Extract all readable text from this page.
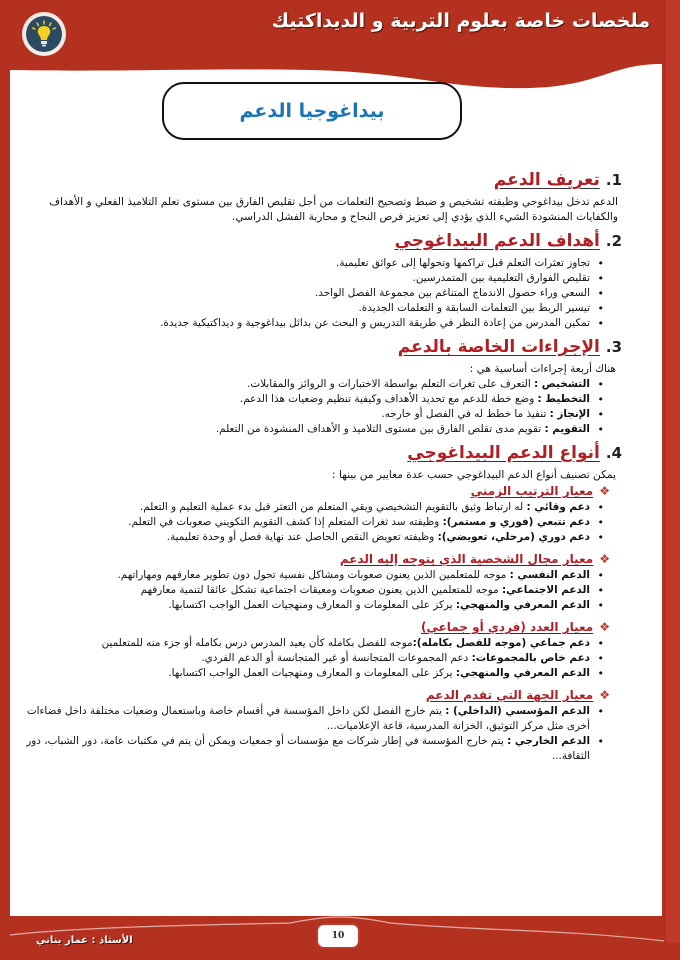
ملخصات خاصة بعلوم التربية و الديداكتيك
بيداغوجيا الدعم
1.
تعريف الدعم

الدعم تدخل بيداغوجي وظيفته تشخيص و ضبط وتصحيح التعلمات من أجل تقليص الفارق بين مستوى تعلم التلاميذ الفعلي و الأهداف والكفايات المنشودة الشيء الذي يؤدي إلى تعزيز فرص النجاح و محاربة الفشل الدراسي.

2.
أهداف الدعم البيداغوجي
• تجاوز تعثرات التعلم قبل تراكمها وتحولها إلى عوائق تعليمية.
• تقليص الفوارق التعليمية بين المتمدرسين.
• السعي وراء حصول الاندماج المتناغم بين مجموعة الفصل الواحد.
• تيسير الربط بين التعلمات السابقة و التعلمات الجديدة.
• تمكين المدرس من إعادة النظر في طريقة التدريس و البحث عن بدائل بيداغوجية و ديداكتيكية جديدة.
3.
الإجراءات الخاصة بالدعم

هناك أربعة إجراءات أساسية هي :

• التشخيص : التعرف على ثغرات التعلم بواسطة الاختبارات و الروائز والمقابلات.
• التخطيط : وضع خطة للدعم مع تحديد الأهداف وكيفية تنظيم وضعيات هذا الدعم.
• الإنجاز : تنفيذ ما خطط له في الفصل أو خارجه.
• التقويم : تقويم مدى تقلص الفارق بين مستوى التلاميذ و الأهداف المنشودة من التعلم.
4.
أنواع الدعم البيداغوجي

يمكن تصنيف أنواع الدعم البيداغوجي حسب عدة معايير من بينها :

❖
معيار الترتيب الزمني
• دعم وقائي : له ارتباط وثيق بالتقويم التشخيصي ويقي المتعلم من التعثر قبل بدء عملية التعليم و التعلم.
• دعم تتبعي (فوري و مستمر): وظيفته سد ثغرات المتعلم إذا كشف التقويم التكويني صعوبات في التعلم.
• دعم دوري (مرحلي، تعويضي): وظيفته تعويض النقص الحاصل عند نهاية فصل أو وحدة تعليمية.
❖
معيار مجال الشخصية الذي يتوجه إليه الدعم
• الدعم النفسي : موجه للمتعلمين الذين يعنون صعوبات ومشاكل نفسية تحول دون تطوير معارفهم ومهاراتهم.
• الدعم الاجتماعي: موجه للمتعلمين الذين يعنون صعوبات ومعيقات اجتماعية تشكل عائقا لتنمية معارفهم
• الدعم المعرفي والمنهجي: يركز على المعلومات و المعارف ومنهجيات العمل الواجب اكتسابها.
❖
معيار العدد (فردي أو جماعي)
• دعم جماعي (موجه للفصل بكامله):موجه للفصل بكامله كأن يعيد المدرس درس بكامله أو جزء منه للمتعلمين
• دعم خاص بالمجموعات: دعم المجموعات المتجانسة أو غير المتجانسة أو الدعم الفردي.
• الدعم المعرفي والمنهجي: يركز على المعلومات و المعارف ومنهجيات العمل الواجب اكتسابها.
❖
معيار الجهة التي تقدم الدعم
• الدعم المؤسسي (الداخلي) : يتم خارج الفصل لكن داخل المؤسسة في أقسام خاصة وباستعمال وضعيات مختلفة داخل فضاءات أخرى مثل مركز التوثيق، الخزانة المدرسية، قاعة الإعلاميات...
• الدعم الخارجي : يتم خارج المؤسسة في إطار شركات مع مؤسسات أو جمعيات ويمكن أن يتم في مكتبات عامة، دور الشباب، دور الثقافة...
10
الأستاذ : عمار بناني
